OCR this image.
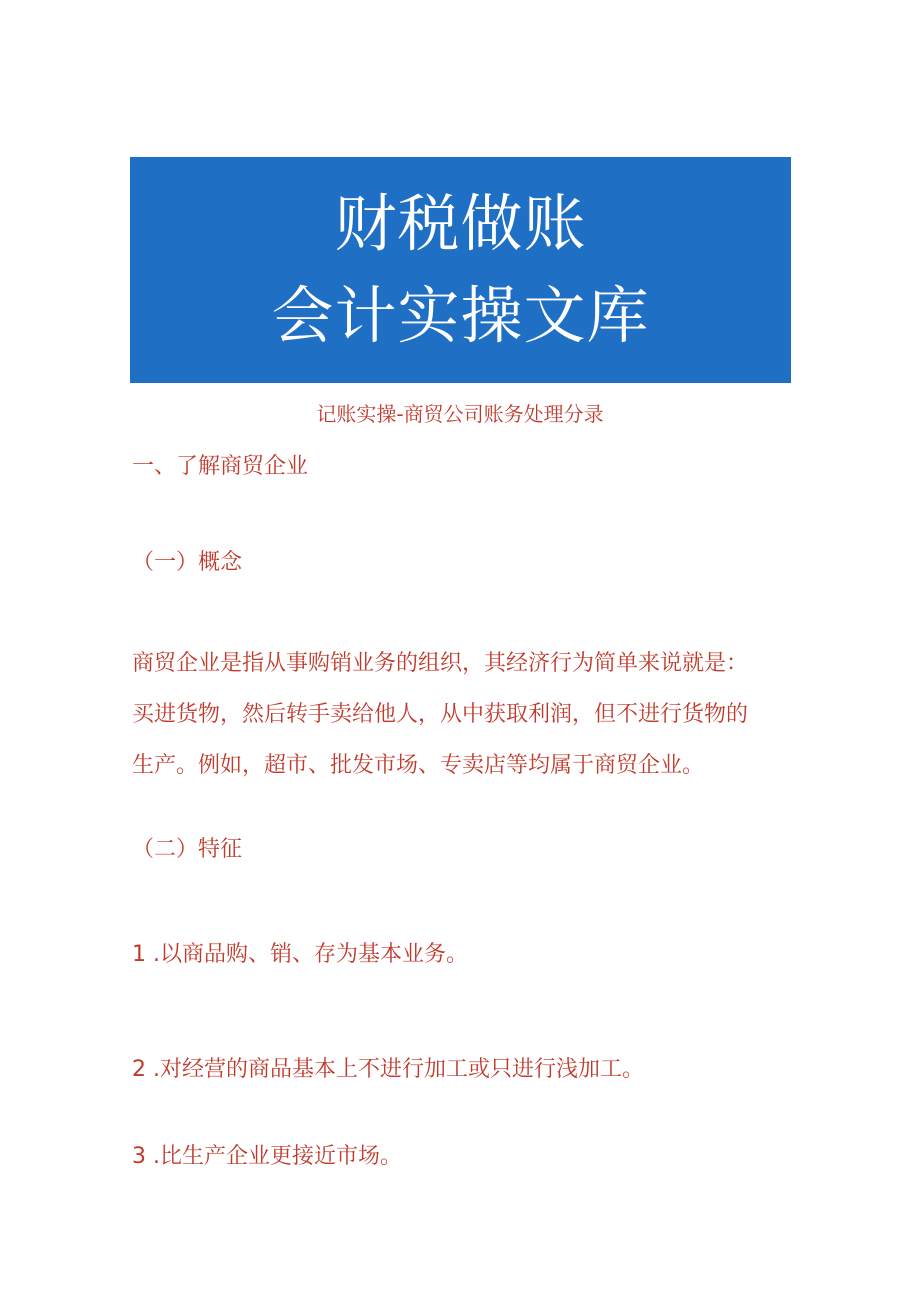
财税做账
会计实操文库
记账实操-商贸公司账务处理分录
一、了解商贸企业
（一）概念
商贸企业是指从事购销业务的组织，其经济行为简单来说就是：
买进货物，然后转手卖给他人，从中获取利润，但不进行货物的
生产。例如，超市、批发市场、专卖店等均属于商贸企业。
（二）特征
1 .以商品购、销、存为基本业务。
2 .对经营的商品基本上不进行加工或只进行浅加工。
3 .比生产企业更接近市场。
